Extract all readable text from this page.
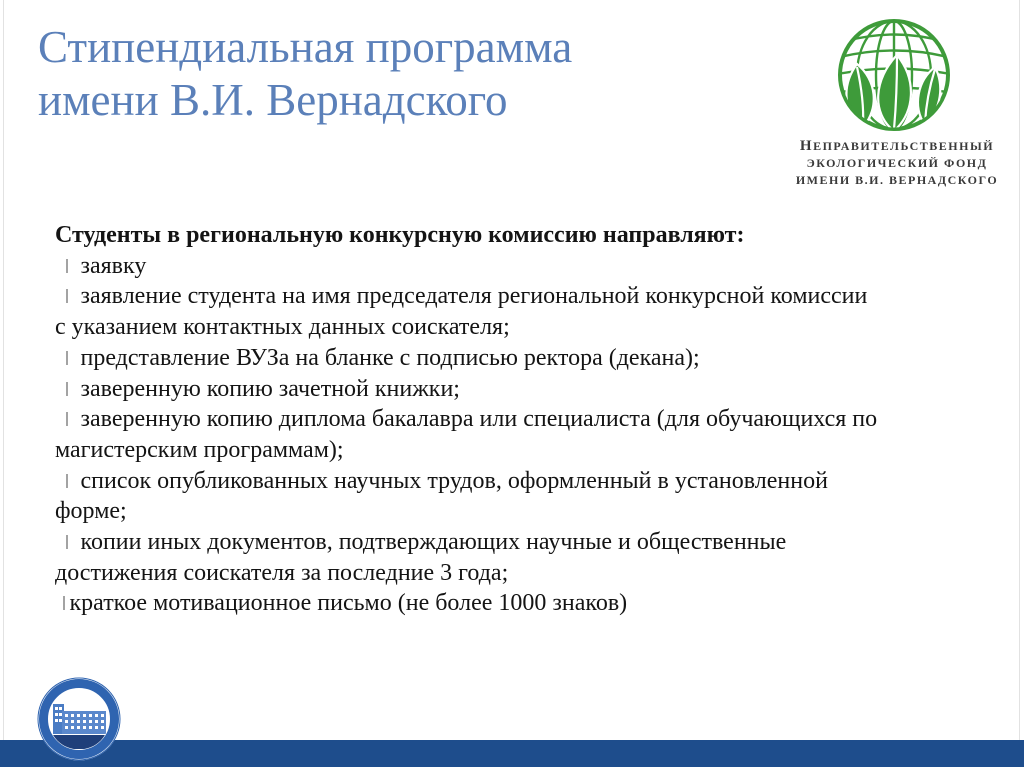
Стипендиальная программа
имени В.И. Вернадского
НЕПРАВИТЕЛЬСТВЕННЫЙ
ЭКОЛОГИЧЕСКИЙ ФОНД
ИМЕНИ В.И. ВЕРНАДСКОГО
Студенты в региональную конкурсную комиссию направляют:
заявку
заявление студента на имя председателя региональной конкурсной комиссии
с указанием контактных данных соискателя;
представление ВУЗа на бланке с подписью ректора (декана);
заверенную копию зачетной книжки;
заверенную копию диплома бакалавра или специалиста (для обучающихся по
магистерским программам);
список опубликованных научных трудов, оформленный в установленной
форме;
копии иных документов, подтверждающих научные и общественные
достижения соискателя за последние 3 года;
краткое мотивационное письмо (не более 1000 знаков)
